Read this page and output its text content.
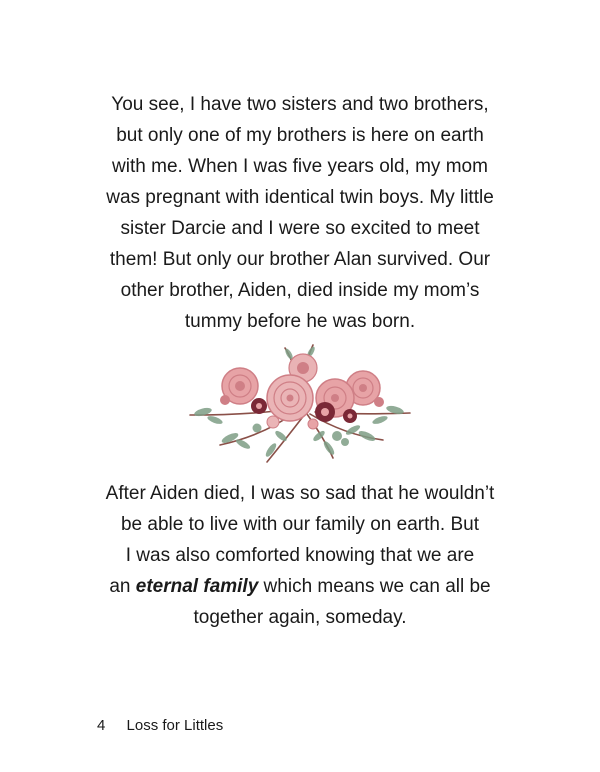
You see, I have two sisters and two brothers,
but only one of my brothers is here on earth
with me. When I was five years old, my mom
was pregnant with identical twin boys. My little
sister Darcie and I were so excited to meet
them! But only our brother Alan survived. Our
other brother, Aiden, died inside my mom’s
tummy before he was born.
After Aiden died, I was so sad that he wouldn’t
be able to live with our family on earth. But
I was also comforted knowing that we are
an eternal family which means we can all be
together again, someday.
4 Loss for Littles
